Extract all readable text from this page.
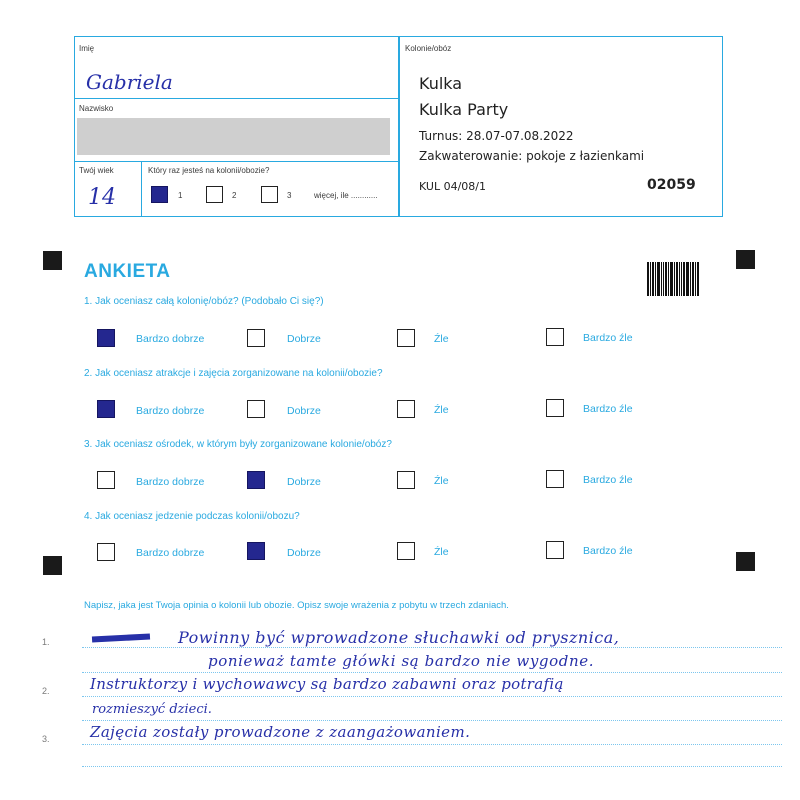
Imię
Gabriela
Nazwisko
Twój wiek
14
Który raz jesteś na kolonii/obozie?
1	2	3	więcej, ile ............
Kolonie/obóz
Kulka
Kulka Party
Turnus: 28.07-07.08.2022
Zakwaterowanie: pokoje z łazienkami
KUL 04/08/1	02059
ANKIETA
1. Jak oceniasz całą kolonię/obóz? (Podobało Ci się?)
Bardzo dobrze	Dobrze	Źle	Bardzo źle
2. Jak oceniasz atrakcje i zajęcia zorganizowane na kolonii/obozie?
Bardzo dobrze	Dobrze	Źle	Bardzo źle
3. Jak oceniasz ośrodek, w którym były zorganizowane kolonie/obóz?
Bardzo dobrze	Dobrze	Źle	Bardzo źle
4. Jak oceniasz jedzenie podczas kolonii/obozu?
Bardzo dobrze	Dobrze	Źle	Bardzo źle
Napisz, jaka jest Twoja opinia o kolonii lub obozie. Opisz swoje wrażenia z pobytu w trzech zdaniach.
1.
2.
3.
Powinny być wprowadzone słuchawki od prysznica,
ponieważ tamte główki są bardzo nie wygodne.
Instruktorzy i wychowawcy są bardzo zabawni oraz potrafią
rozmieszyć dzieci.
Zajęcia zostały prowadzone z zaangażowaniem.
